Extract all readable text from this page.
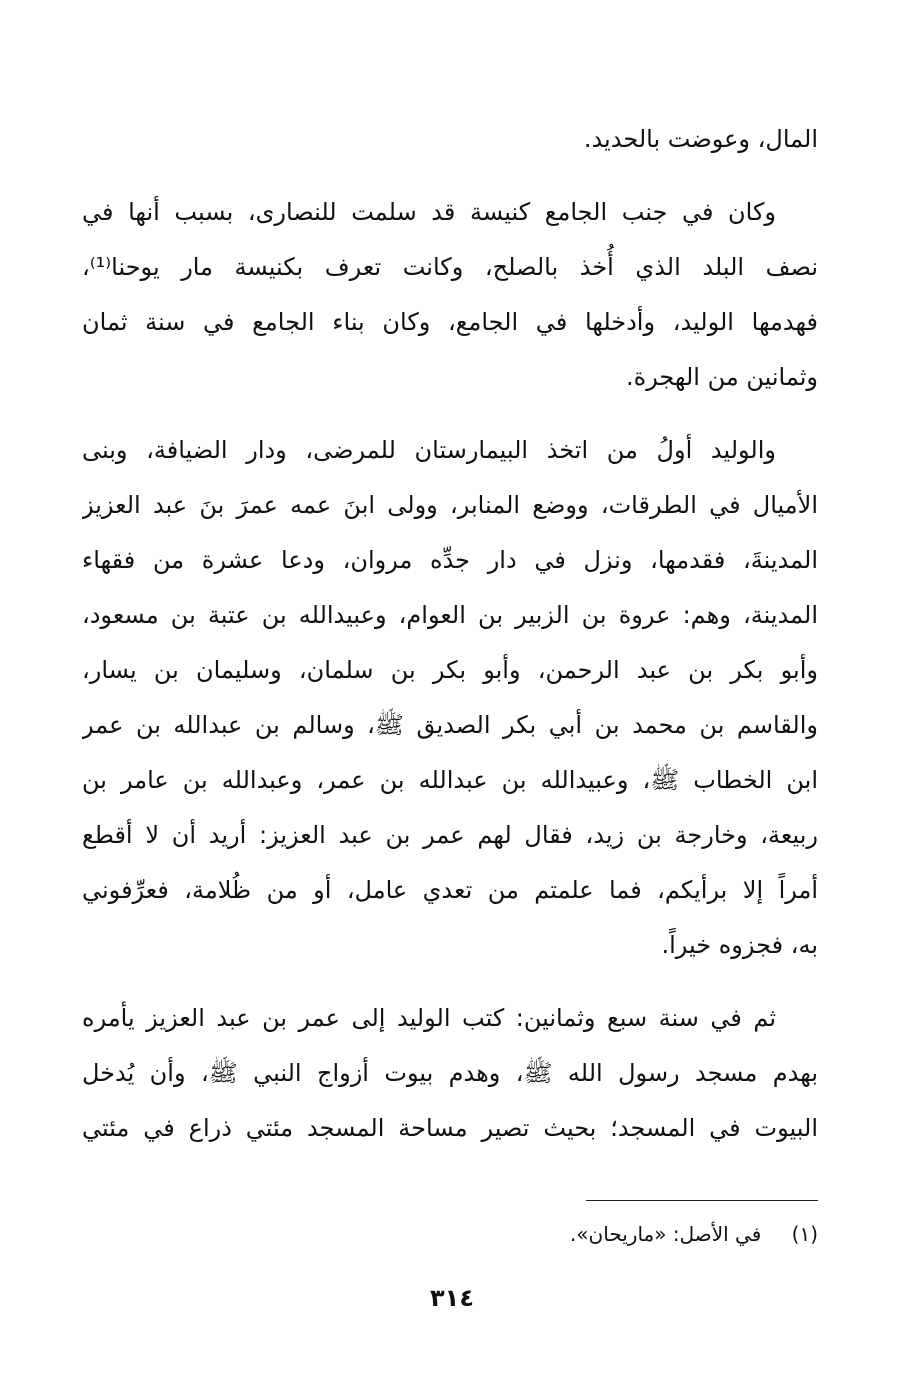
المال، وعوضت بالحديد.
وكان في جنب الجامع كنيسة قد سلمت للنصارى، بسبب أنها في
نصف البلد الذي أُخذ بالصلح، وكانت تعرف بكنيسة مار يوحنا⁽¹⁾،
فهدمها الوليد، وأدخلها في الجامع، وكان بناء الجامع في سنة ثمان
وثمانين من الهجرة.
والوليد أولُ من اتخذ البيمارستان للمرضى، ودار الضيافة، وبنى
الأميال في الطرقات، ووضع المنابر، وولى ابنَ عمه عمرَ بنَ عبد العزيز
المدينةَ، فقدمها، ونزل في دار جدِّه مروان، ودعا عشرة من فقهاء
المدينة، وهم: عروة بن الزبير بن العوام، وعبيدالله بن عتبة بن مسعود،
وأبو بكر بن عبد الرحمن، وأبو بكر بن سلمان، وسليمان بن يسار،
والقاسم بن محمد بن أبي بكر الصديق ﷺ، وسالم بن عبدالله بن عمر
ابن الخطاب ﷺ، وعبيدالله بن عبدالله بن عمر، وعبدالله بن عامر بن
ربيعة، وخارجة بن زيد، فقال لهم عمر بن عبد العزيز: أريد أن لا أقطع
أمراً إلا برأيكم، فما علمتم من تعدي عامل، أو من ظُلامة، فعرِّفوني
به، فجزوه خيراً.
ثم في سنة سبع وثمانين: كتب الوليد إلى عمر بن عبد العزيز يأمره
بهدم مسجد رسول الله ﷺ، وهدم بيوت أزواج النبي ﷺ، وأن يُدخل
البيوت في المسجد؛ بحيث تصير مساحة المسجد مئتي ذراع في مئتي
(١) في الأصل: «ماريحان».
٣١٤
